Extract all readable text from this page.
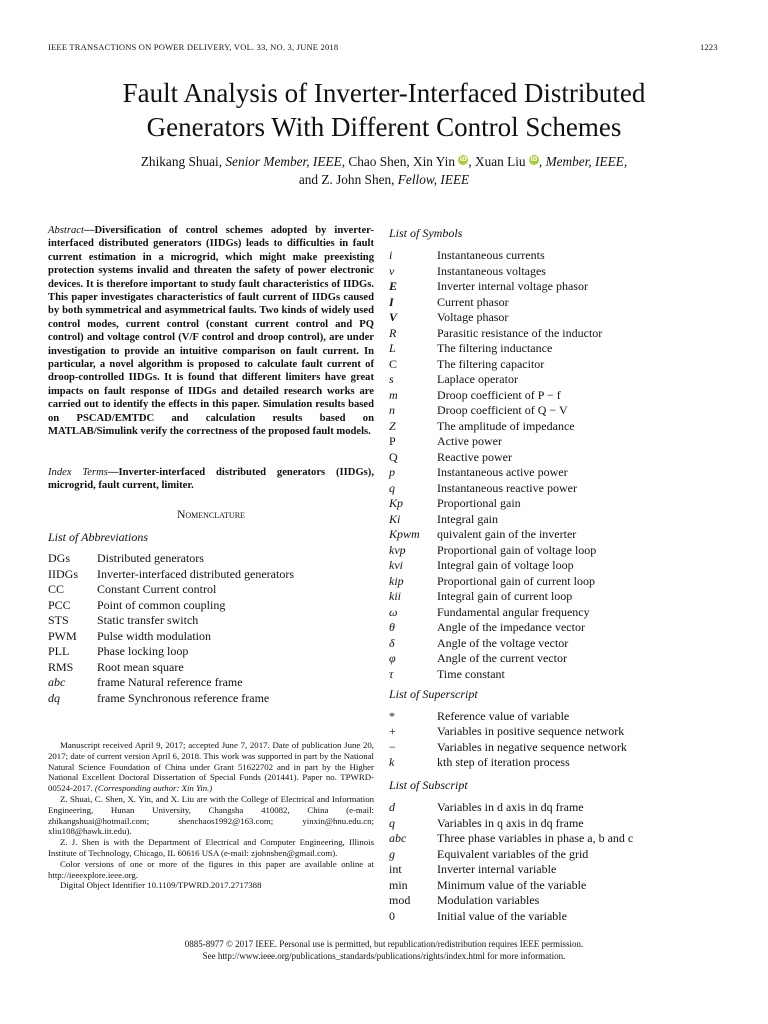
IEEE TRANSACTIONS ON POWER DELIVERY, VOL. 33, NO. 3, JUNE 2018	1223
Fault Analysis of Inverter-Interfaced Distributed
Generators With Different Control Schemes
Zhikang Shuai, Senior Member, IEEE, Chao Shen, Xin Yin iD, Xuan Liu iD, Member, IEEE,
and Z. John Shen, Fellow, IEEE
Abstract—Diversification of control schemes adopted by inverter-interfaced distributed generators (IIDGs) leads to difficulties in fault current estimation in a microgrid, which might make preexisting protection systems invalid and threaten the safety of power electronic devices. It is therefore important to study fault characteristics of IIDGs. This paper investigates characteristics of fault current of IIDGs caused by both symmetrical and asymmetrical faults. Two kinds of widely used control modes, current control (constant current control and PQ control) and voltage control (V/F control and droop control), are under investigation to provide an intuitive comparison on fault current. In particular, a novel algorithm is proposed to calculate fault current of droop-controlled IIDGs. It is found that different limiters have great impacts on fault response of IIDGs and detailed research works are carried out to identify the effects in this paper. Simulation results based on PSCAD/EMTDC and calculation results based on MATLAB/Simulink verify the correctness of the proposed fault models.
Index Terms—Inverter-interfaced distributed generators (IIDGs), microgrid, fault current, limiter.
Nomenclature
List of Abbreviations
DGs Distributed generators
IIDGs Inverter-interfaced distributed generators
CC	Constant Current control
PCC Point of common coupling
STS Static transfer switch
PWM Pulse width modulation
PLL Phase locking loop
RMS Root mean square
abc	frame Natural reference frame
dq	frame Synchronous reference frame

Manuscript received April 9, 2017; accepted June 7, 2017. Date of publication June 20, 2017; date of current version April 6, 2018. This work was supported in part by the National Natural Science Foundation of China under Grant 51622702 and in part by the Higher National Excellent Doctoral Dissertation of Special Funds (201441). Paper no. TPWRD-00524-2017. (Corresponding author: Xin Yin.)

Z. Shuai, C. Shen, X. Yin, and X. Liu are with the College of Electrical and Information Engineering, Hunan University, Changsha 410082, China (e-mail: zhikangshuai@hotmail.com; shenchaos1992@163.com; yinxin@hnu.edu.cn; xliu108@hawk.iit.edu).

Z. J. Shen is with the Department of Electrical and Computer Engineering, Illinois Institute of Technology, Chicago, IL 60616 USA (e-mail: zjohnshen@gmail.com).

Color versions of one or more of the figures in this paper are available online at http://ieeexplore.ieee.org.

Digital Object Identifier 10.1109/TPWRD.2017.2717388

List of Symbols
i	Instantaneous currents
v	Instantaneous voltages
E	Inverter internal voltage phasor
I	Current phasor
V	Voltage phasor
R	Parasitic resistance of the inductor
L	The filtering inductance
C	The filtering capacitor
s	Laplace operator
m	Droop coefficient of P − f
n	Droop coefficient of Q − V
Z	The amplitude of impedance
P	Active power
Q	Reactive power
p	Instantaneous active power
q	Instantaneous reactive power
Kp	Proportional gain
Ki	Integral gain
Kpwm quivalent gain of the inverter
kvp	Proportional gain of voltage loop
kvi	Integral gain of voltage loop
kip	Proportional gain of current loop
kii	Integral gain of current loop
ω	Fundamental angular frequency
θ	Angle of the impedance vector
δ	Angle of the voltage vector
φ	Angle of the current vector
τ	Time constant
List of Superscript
*	Reference value of variable
+	Variables in positive sequence network
−	Variables in negative sequence network
k	kth step of iteration process
List of Subscript
d	Variables in d axis in dq frame
q	Variables in q axis in dq frame
abc	Three phase variables in phase a, b and c
g	Equivalent variables of the grid
int	Inverter internal variable
min Minimum value of the variable
mod Modulation variables
0	Initial value of the variable
0885-8977 © 2017 IEEE. Personal use is permitted, but republication/redistribution requires IEEE permission.
See http://www.ieee.org/publications_standards/publications/rights/index.html for more information.
